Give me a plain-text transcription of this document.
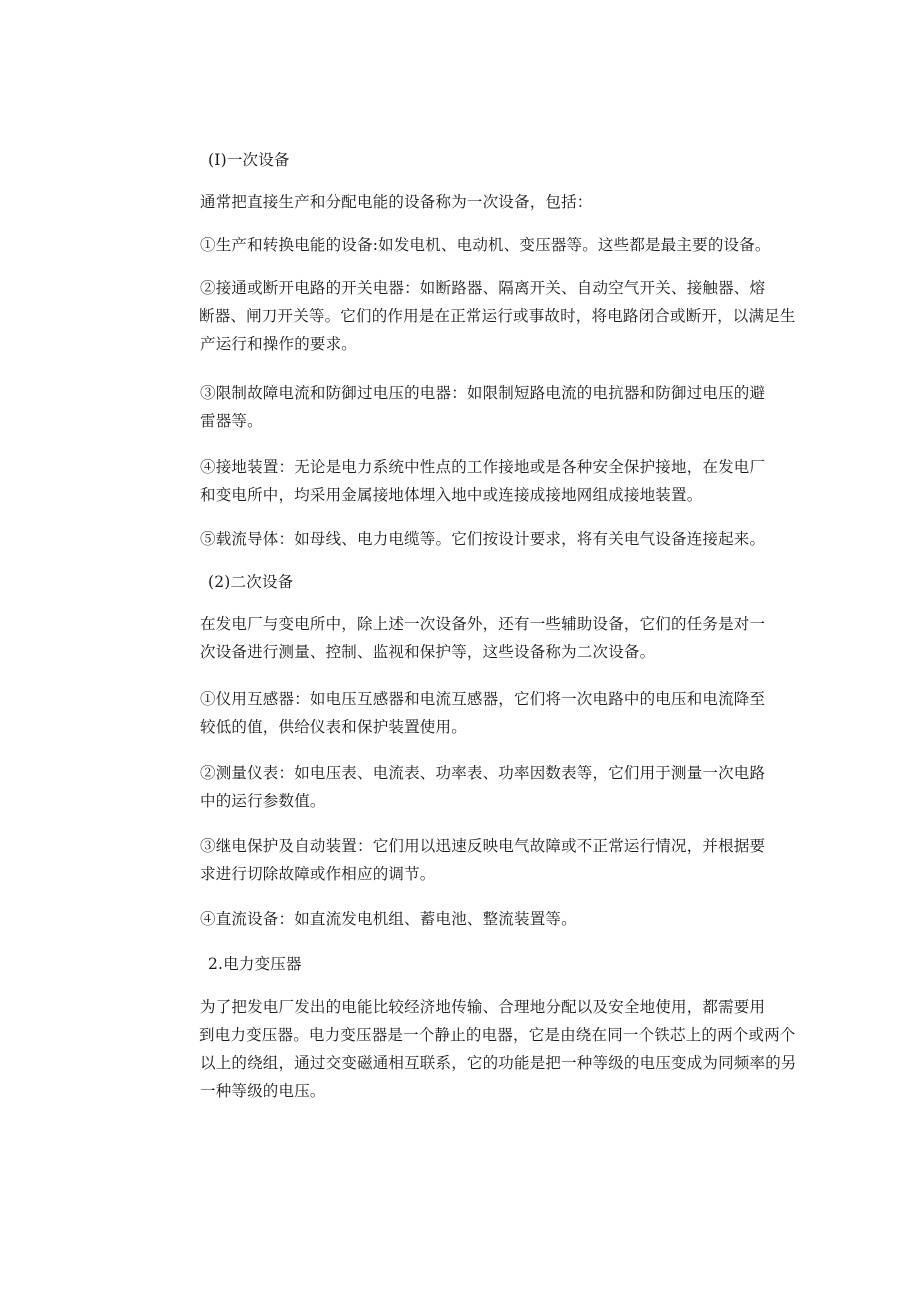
(I)一次设备
通常把直接生产和分配电能的设备称为一次设备，包括：
①生产和转换电能的设备:如发电机、电动机、变压器等。这些都是最主要的设备。
②接通或断开电路的开关电器：如断路器、隔离开关、自动空气开关、接触器、熔
断器、闸刀开关等。它们的作用是在正常运行或事故时，将电路闭合或断开，以满足生
产运行和操作的要求。
③限制故障电流和防御过电压的电器：如限制短路电流的电抗器和防御过电压的避
雷器等。
④接地装置：无论是电力系统中性点的工作接地或是各种安全保护接地，在发电厂
和变电所中，均采用金属接地体埋入地中或连接成接地网组成接地装置。
⑤载流导体：如母线、电力电缆等。它们按设计要求，将有关电气设备连接起来。
(2)二次设备
在发电厂与变电所中，除上述一次设备外，还有一些辅助设备，它们的任务是对一
次设备进行测量、控制、监视和保护等，这些设备称为二次设备。
①仪用互感器：如电压互感器和电流互感器，它们将一次电路中的电压和电流降至
较低的值，供给仪表和保护装置使用。
②测量仪表：如电压表、电流表、功率表、功率因数表等，它们用于测量一次电路
中的运行参数值。
③继电保护及自动装置：它们用以迅速反映电气故障或不正常运行情况，并根据要
求进行切除故障或作相应的调节。
④直流设备：如直流发电机组、蓄电池、整流装置等。
2.电力变压器
为了把发电厂发出的电能比较经济地传输、合理地分配以及安全地使用，都需要用
到电力变压器。电力变压器是一个静止的电器，它是由绕在同一个铁芯上的两个或两个
以上的绕组，通过交变磁通相互联系，它的功能是把一种等级的电压变成为同频率的另
一种等级的电压。
